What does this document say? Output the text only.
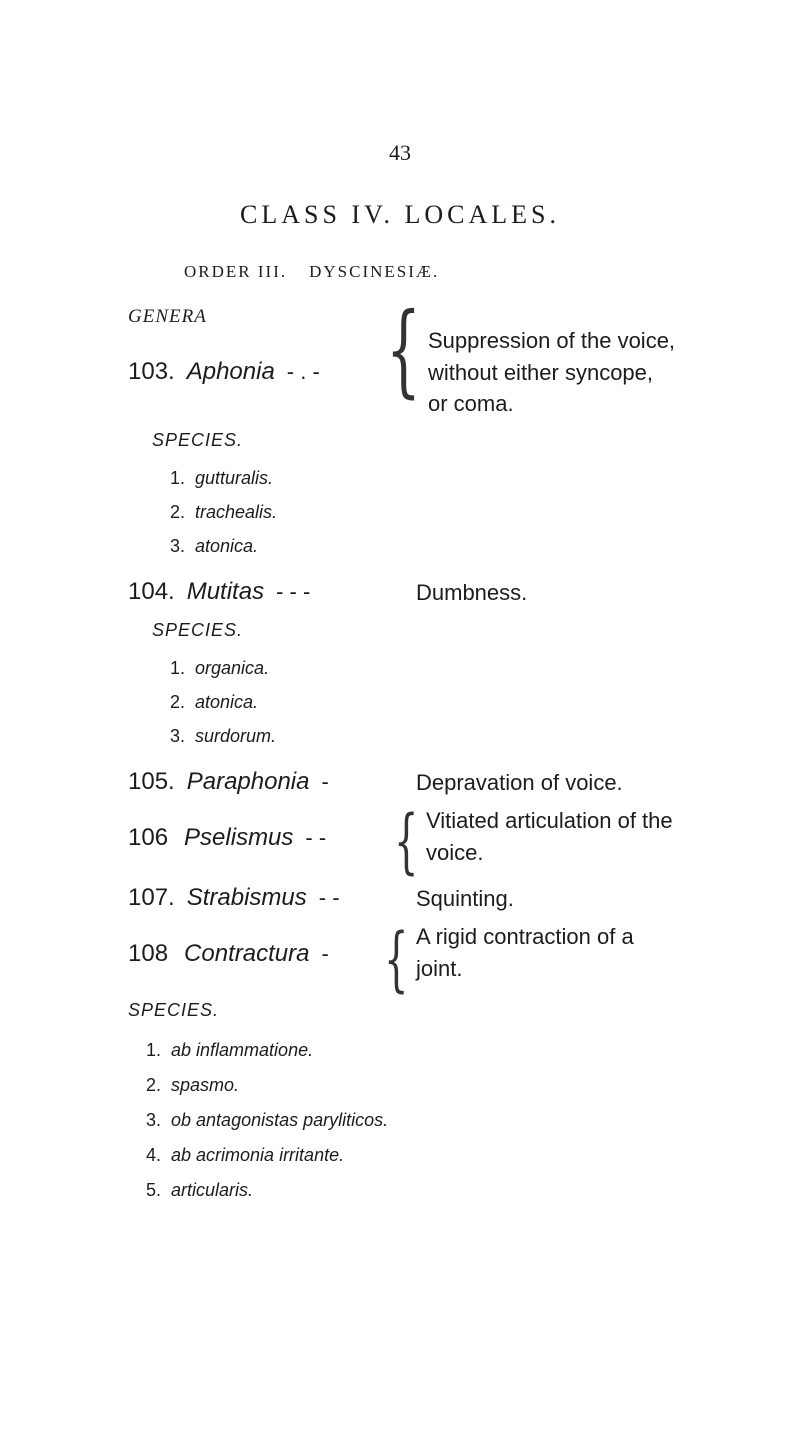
43
CLASS IV. LOCALES.
ORDER III. DYSCINESIÆ.
GENERA
103. Aphonia - . - { Suppression of the voice,
without either syncope,
or coma.
SPECIES.
1. gutturalis.
2. trachealis.
3. atonica.
104. Mutitas - - -	Dumbness.
SPECIES.
1. organica.
2. atonica.
3. surdorum.
105. Paraphonia -	Depravation of voice.
106 Pselismus - - { Vitiated articulation of the
voice.
107. Strabismus - -	Squinting.
108 Contractura - { A rigid contraction of a
joint.
SPECIES.
1. ab inflammatione.
2. spasmo.
3. ob antagonistas paryliticos.
4. ab acrimonia irritante.
5. articularis.
